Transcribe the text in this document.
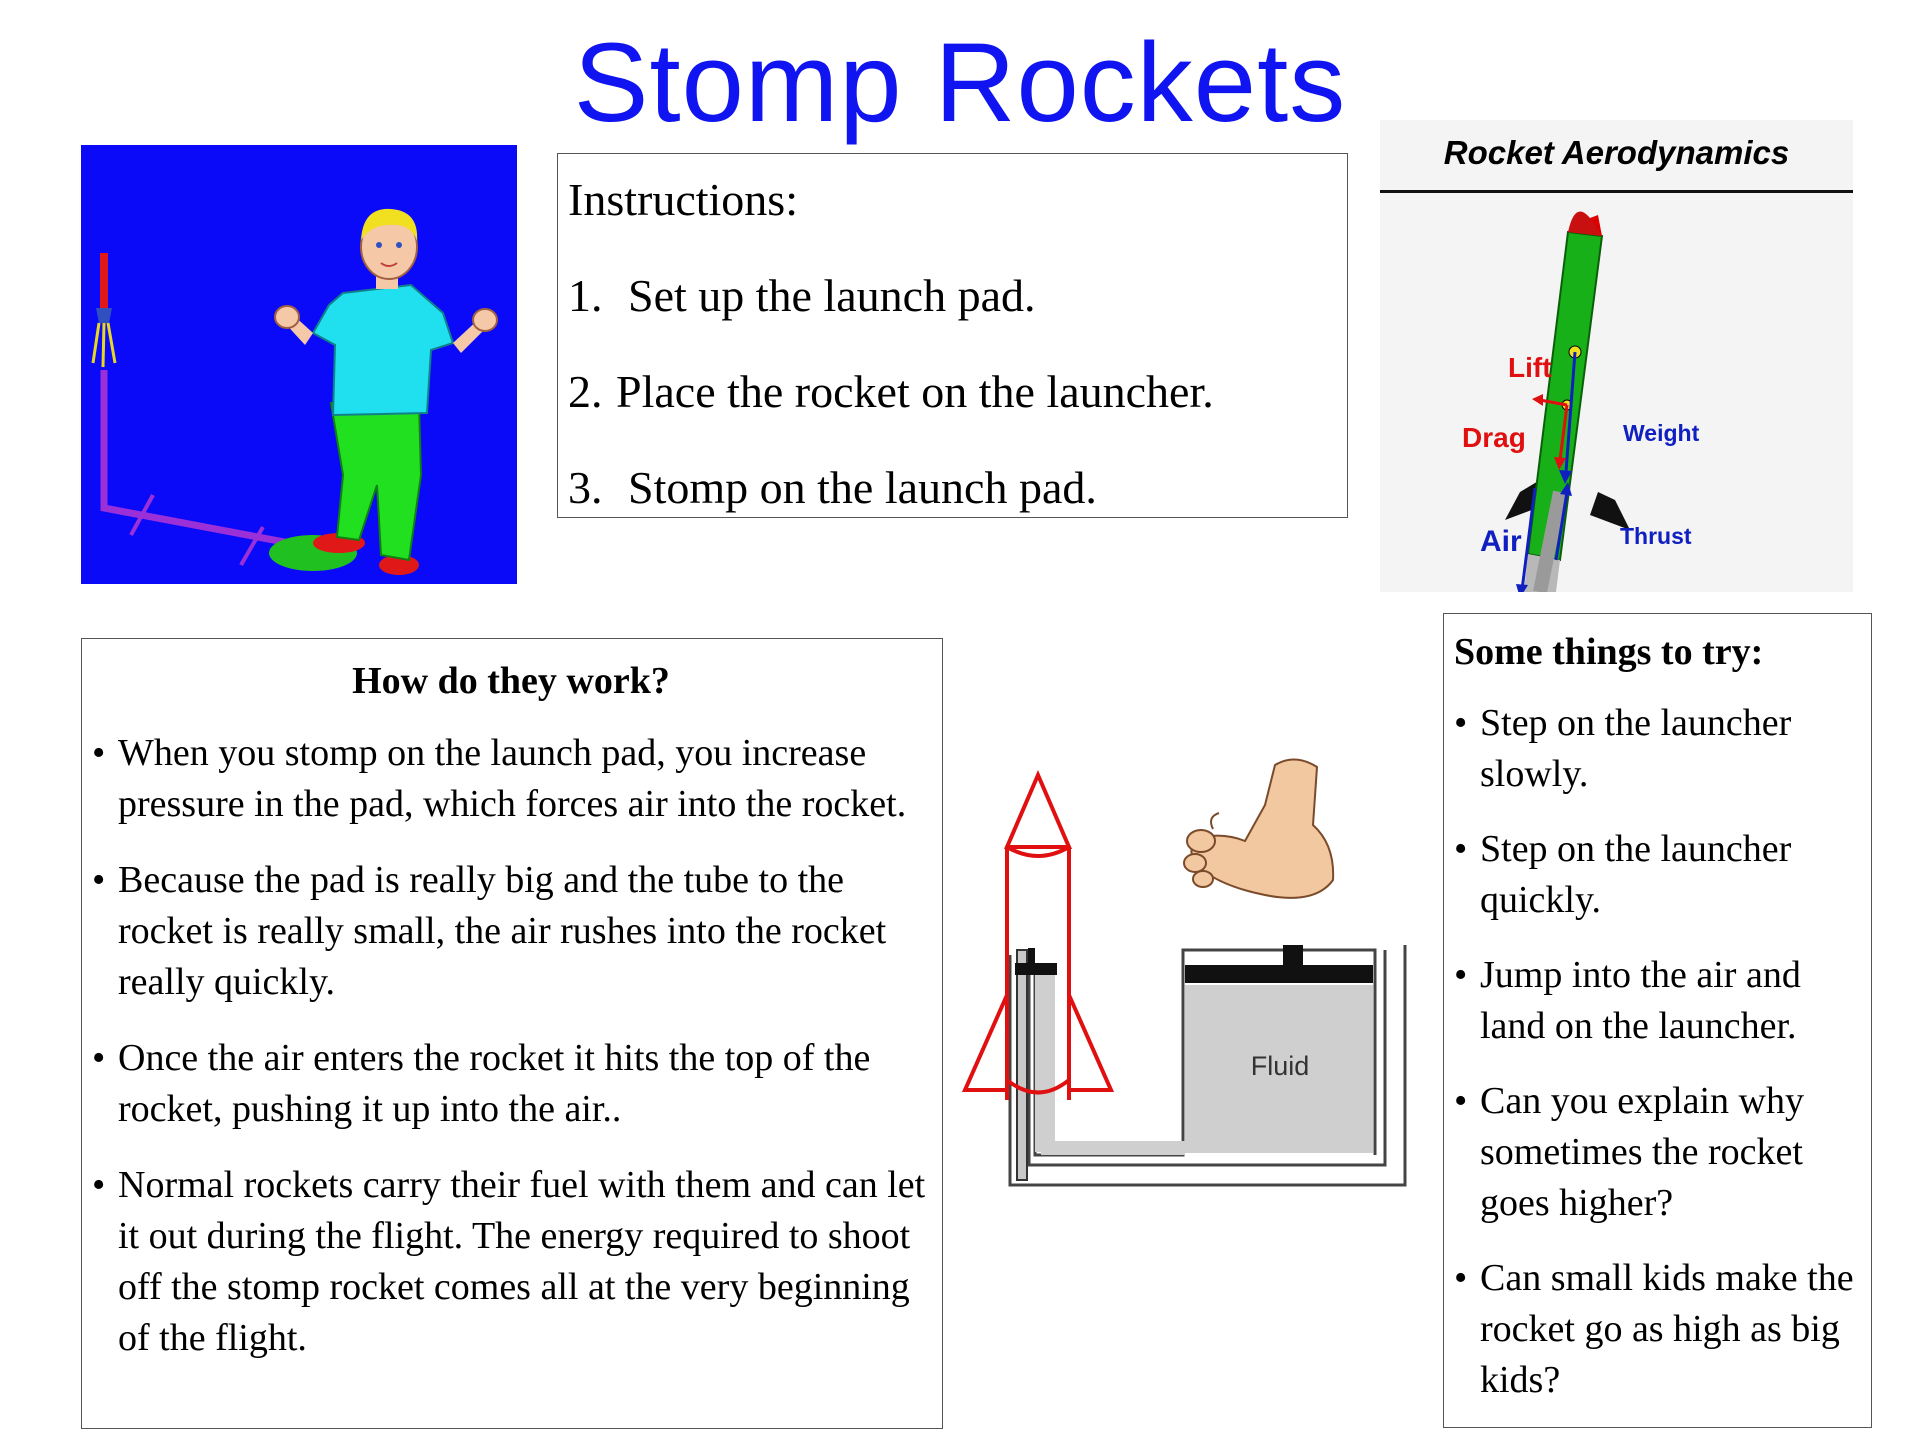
Stomp Rockets
Instructions:
1. Set up the launch pad.
2. Place the rocket on the launcher.
3. Stomp on the launch pad.
Rocket Aerodynamics
Lift
Drag	Weight
Air	Thrust
How do they work?
• When you stomp on the launch pad, you increase pressure in the pad, which forces air into the rocket.
• Because the pad is really big and the tube to the rocket is really small, the air rushes into the rocket really quickly.
• Once the air enters the rocket it hits the top of the rocket, pushing it up into the air..
• Normal rockets carry their fuel with them and can let it out during the flight. The energy required to shoot off the stomp rocket comes all at the very beginning of the flight.
Fluid
Some things to try:
• Step on the launcher slowly.
• Step on the launcher quickly.
• Jump into the air and land on the launcher.
• Can you explain why sometimes the rocket goes higher?
• Can small kids make the rocket go as high as big kids?
